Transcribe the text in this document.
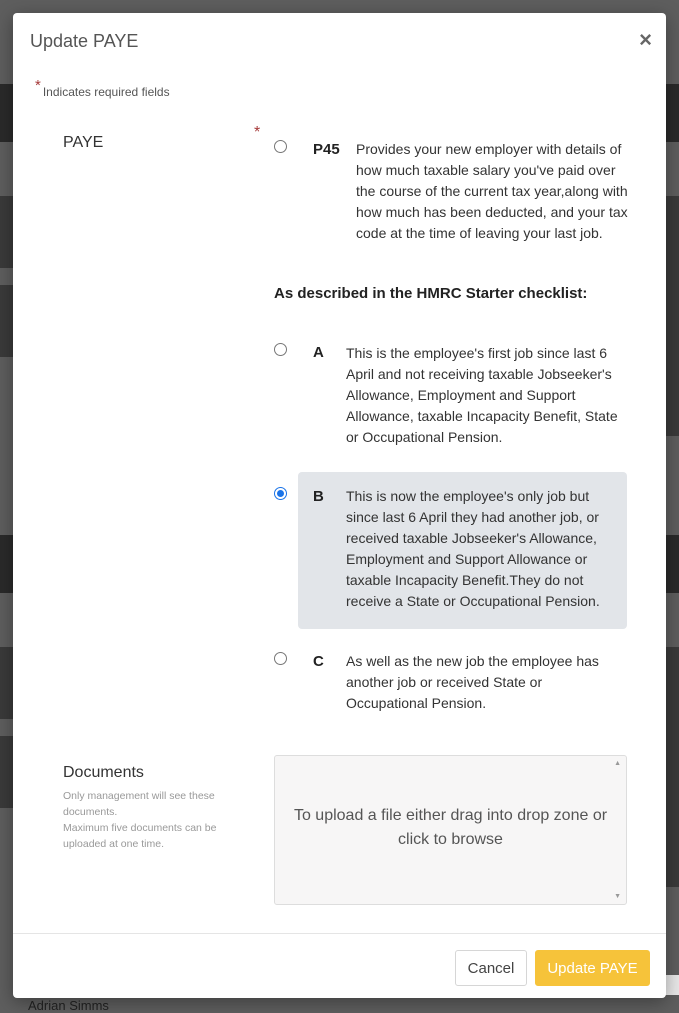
Adrian Simms
Update PAYE	×
* Indicates required fields
PAYE
*
P45 Provides your new employer with details of how much taxable salary you've paid over the course of the current tax year,along with how much has been deducted, and your tax code at the time of leaving your last job.
As described in the HMRC Starter checklist:
A This is the employee's first job since last 6 April and not receiving taxable Jobseeker's Allowance, Employment and Support Allowance, taxable Incapacity Benefit, State or Occupational Pension.
B This is now the employee's only job but since last 6 April they had another job, or received taxable Jobseeker's Allowance, Employment and Support Allowance or taxable Incapacity Benefit.They do not receive a State or Occupational Pension.
C As well as the new job the employee has another job or received State or Occupational Pension.
Documents
Only management will see these documents.
Maximum five documents can be uploaded at one time.
To upload a file either drag into drop zone or click to browse
▲
▼
Cancel	Update PAYE
